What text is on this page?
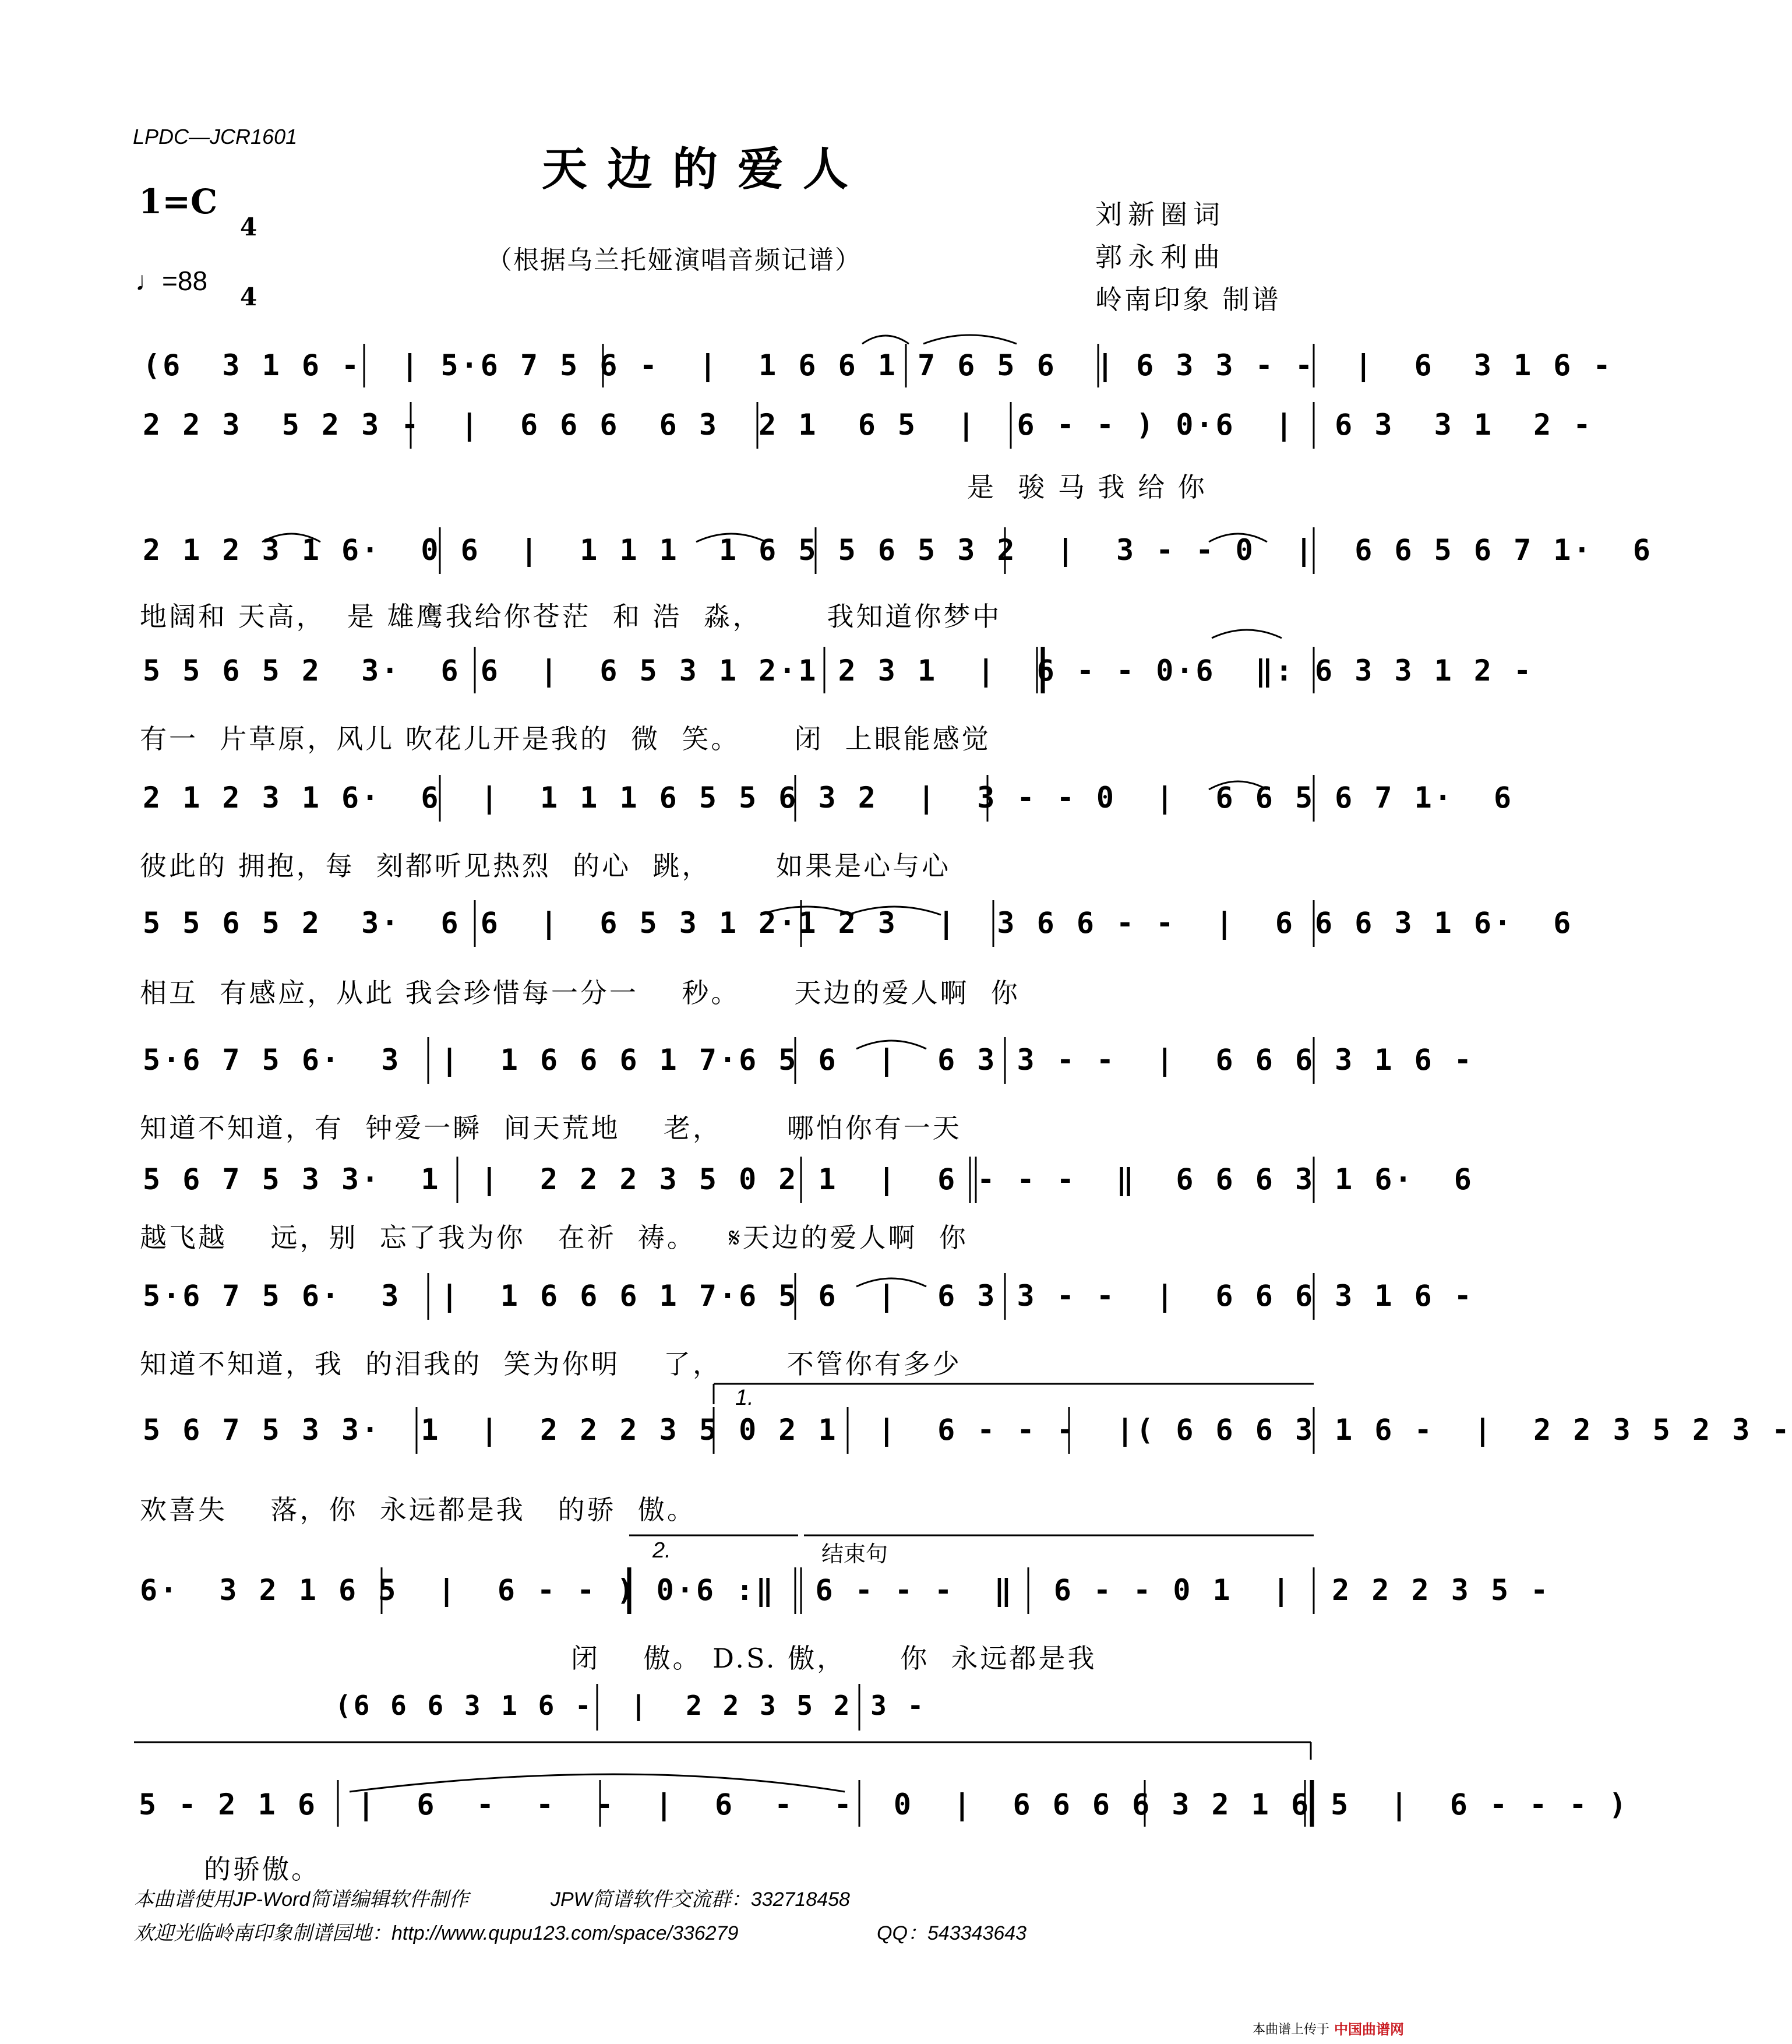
LPDC—JCR1601
天边的爱人
1=C

4

4

♩=88
（根据乌兰托娅演唱音频记谱）
刘新圈词
郭永利曲
岭南印象 制谱
(6  3 1 6 -  | 5·6 7 5 6 -  |  1 6 6 1 7 6 5 6  | 6 3 3 - -  |  6  3 1 6 -
2 2 3  5 2 3 -  |  6 6 6  6 3  2 1  6 5  |  6 - - ) 0·6  |  6 3  3 1  2 -
是  骏 马 我 给 你
2 1 2 3 1 6·  0 6  |  1 1 1  1 6 5 5 6 5 3 2  |  3 - - 0  |  6 6 5 6 7 1·  6
地阔和 天高，  是 雄鹰我给你苍茫  和 浩  淼，      我知道你梦中
5 5 6 5 2  3·  6 6  |  6 5 3 1 2·1 2 3 1  |  6 - - 0·6  ‖: 6 3 3 1 2 -
有一  片草原，风儿 吹花儿开是我的  微  笑。     闭  上眼能感觉
2 1 2 3 1 6·  6  |  1 1 1 6 5 5 6 3 2  |  3 - - 0  |  6 6 5 6 7 1·  6
彼此的 拥抱，每  刻都听见热烈  的心  跳，      如果是心与心
5 5 6 5 2  3·  6 6  |  6 5 3 1 2·1 2 3  |  3 6 6 - -  |  6 6 6 3 1 6·  6
相互  有感应，从此 我会珍惜每一分一    秒。     天边的爱人啊  你
5·6 7 5 6·  3  |  1 6 6 6 1 7·6 5 6  |  6 3 3 - -  |  6 6 6 3 1 6 -
知道不知道，有  钟爱一瞬  间天荒地    老，      哪怕你有一天
5 6 7 5 3 3·  1  |  2 2 2 3 5 0 2 1  |  6 - - -  ‖  6 6 6 3 1 6·  6
越飞越    远，别  忘了我为你   在祈  祷。   𝄋天边的爱人啊  你
5·6 7 5 6·  3  |  1 6 6 6 1 7·6 5 6  |  6 3 3 - -  |  6 6 6 3 1 6 -
知道不知道，我  的泪我的  笑为你明    了，      不管你有多少
1.
5 6 7 5 3 3·  1  |  2 2 2 3 5 0 2 1  |  6 - - -  |( 6 6 6 3 1 6 -  |  2 2 3 5 2 3 -
欢喜失    落，你  永远都是我   的骄  傲。
2.	结束句
6·  3 2 1 6 5  |  6 - - ) 0·6 :‖  6 - - -  ‖  6 - - 0 1  |  2 2 2 3 5 -
闭    傲。 D.S. 傲，     你  永远都是我
(6 6 6 3 1 6 -  |  2 2 3 5 2 3 -
5 - 2 1 6  |  6  -  -  -  |  6  -  -  0  |  6 6 6 6 3 2 1 6 5  |  6 - - - )
的骄傲。
本曲谱使用JP-Word简谱编辑软件制作	JPW简谱软件交流群：332718458
欢迎光临岭南印象制谱园地：http://www.qupu123.com/space/336279	QQ：543343643
本曲谱上传于 中国曲谱网
